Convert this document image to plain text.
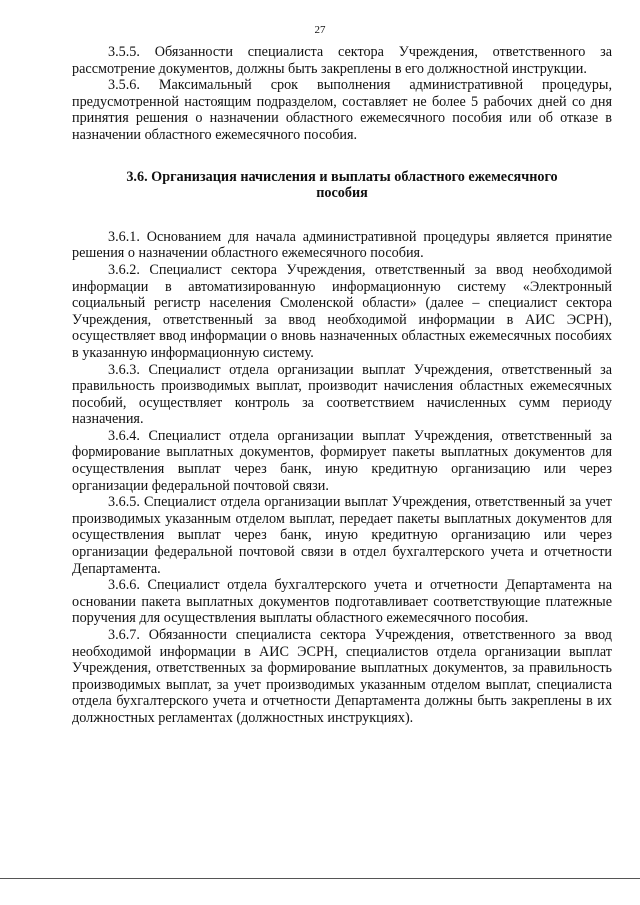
27

3.5.5. Обязанности специалиста сектора Учреждения, ответственного за рассмотрение документов, должны быть закреплены в его должностной инструкции.

3.5.6. Максимальный срок выполнения административной процедуры, предусмотренной настоящим подразделом, составляет не более 5 рабочих дней со дня принятия решения о назначении областного ежемесячного пособия или об отказе в назначении областного ежемесячного пособия.

3.6. Организация начисления и выплаты областного ежемесячного пособия

3.6.1. Основанием для начала административной процедуры является принятие решения о назначении областного ежемесячного пособия.

3.6.2. Специалист сектора Учреждения, ответственный за ввод необходимой информации в автоматизированную информационную систему «Электронный социальный регистр населения Смоленской области» (далее – специалист сектора Учреждения, ответственный за ввод необходимой информации в АИС ЭСРН), осуществляет ввод информации о вновь назначенных областных ежемесячных пособиях в указанную информационную систему.

3.6.3. Специалист отдела организации выплат Учреждения, ответственный за правильность производимых выплат, производит начисления областных ежемесячных пособий, осуществляет контроль за соответствием начисленных сумм периоду назначения.

3.6.4. Специалист отдела организации выплат Учреждения, ответственный за формирование выплатных документов, формирует пакеты выплатных документов для осуществления выплат через банк, иную кредитную организацию или через организации федеральной почтовой связи.

3.6.5. Специалист отдела организации выплат Учреждения, ответственный за учет производимых указанным отделом выплат, передает пакеты выплатных документов для осуществления выплат через банк, иную кредитную организацию или через организации федеральной почтовой связи в отдел бухгалтерского учета и отчетности Департамента.

3.6.6. Специалист отдела бухгалтерского учета и отчетности Департамента на основании пакета выплатных документов подготавливает соответствующие платежные поручения для осуществления выплаты областного ежемесячного пособия.

3.6.7. Обязанности специалиста сектора Учреждения, ответственного за ввод необходимой информации в АИС ЭСРН, специалистов отдела организации выплат Учреждения, ответственных за формирование выплатных документов, за правильность производимых выплат, за учет производимых указанным отделом выплат, специалиста отдела бухгалтерского учета и отчетности Департамента должны быть закреплены в их должностных регламентах (должностных инструкциях).
